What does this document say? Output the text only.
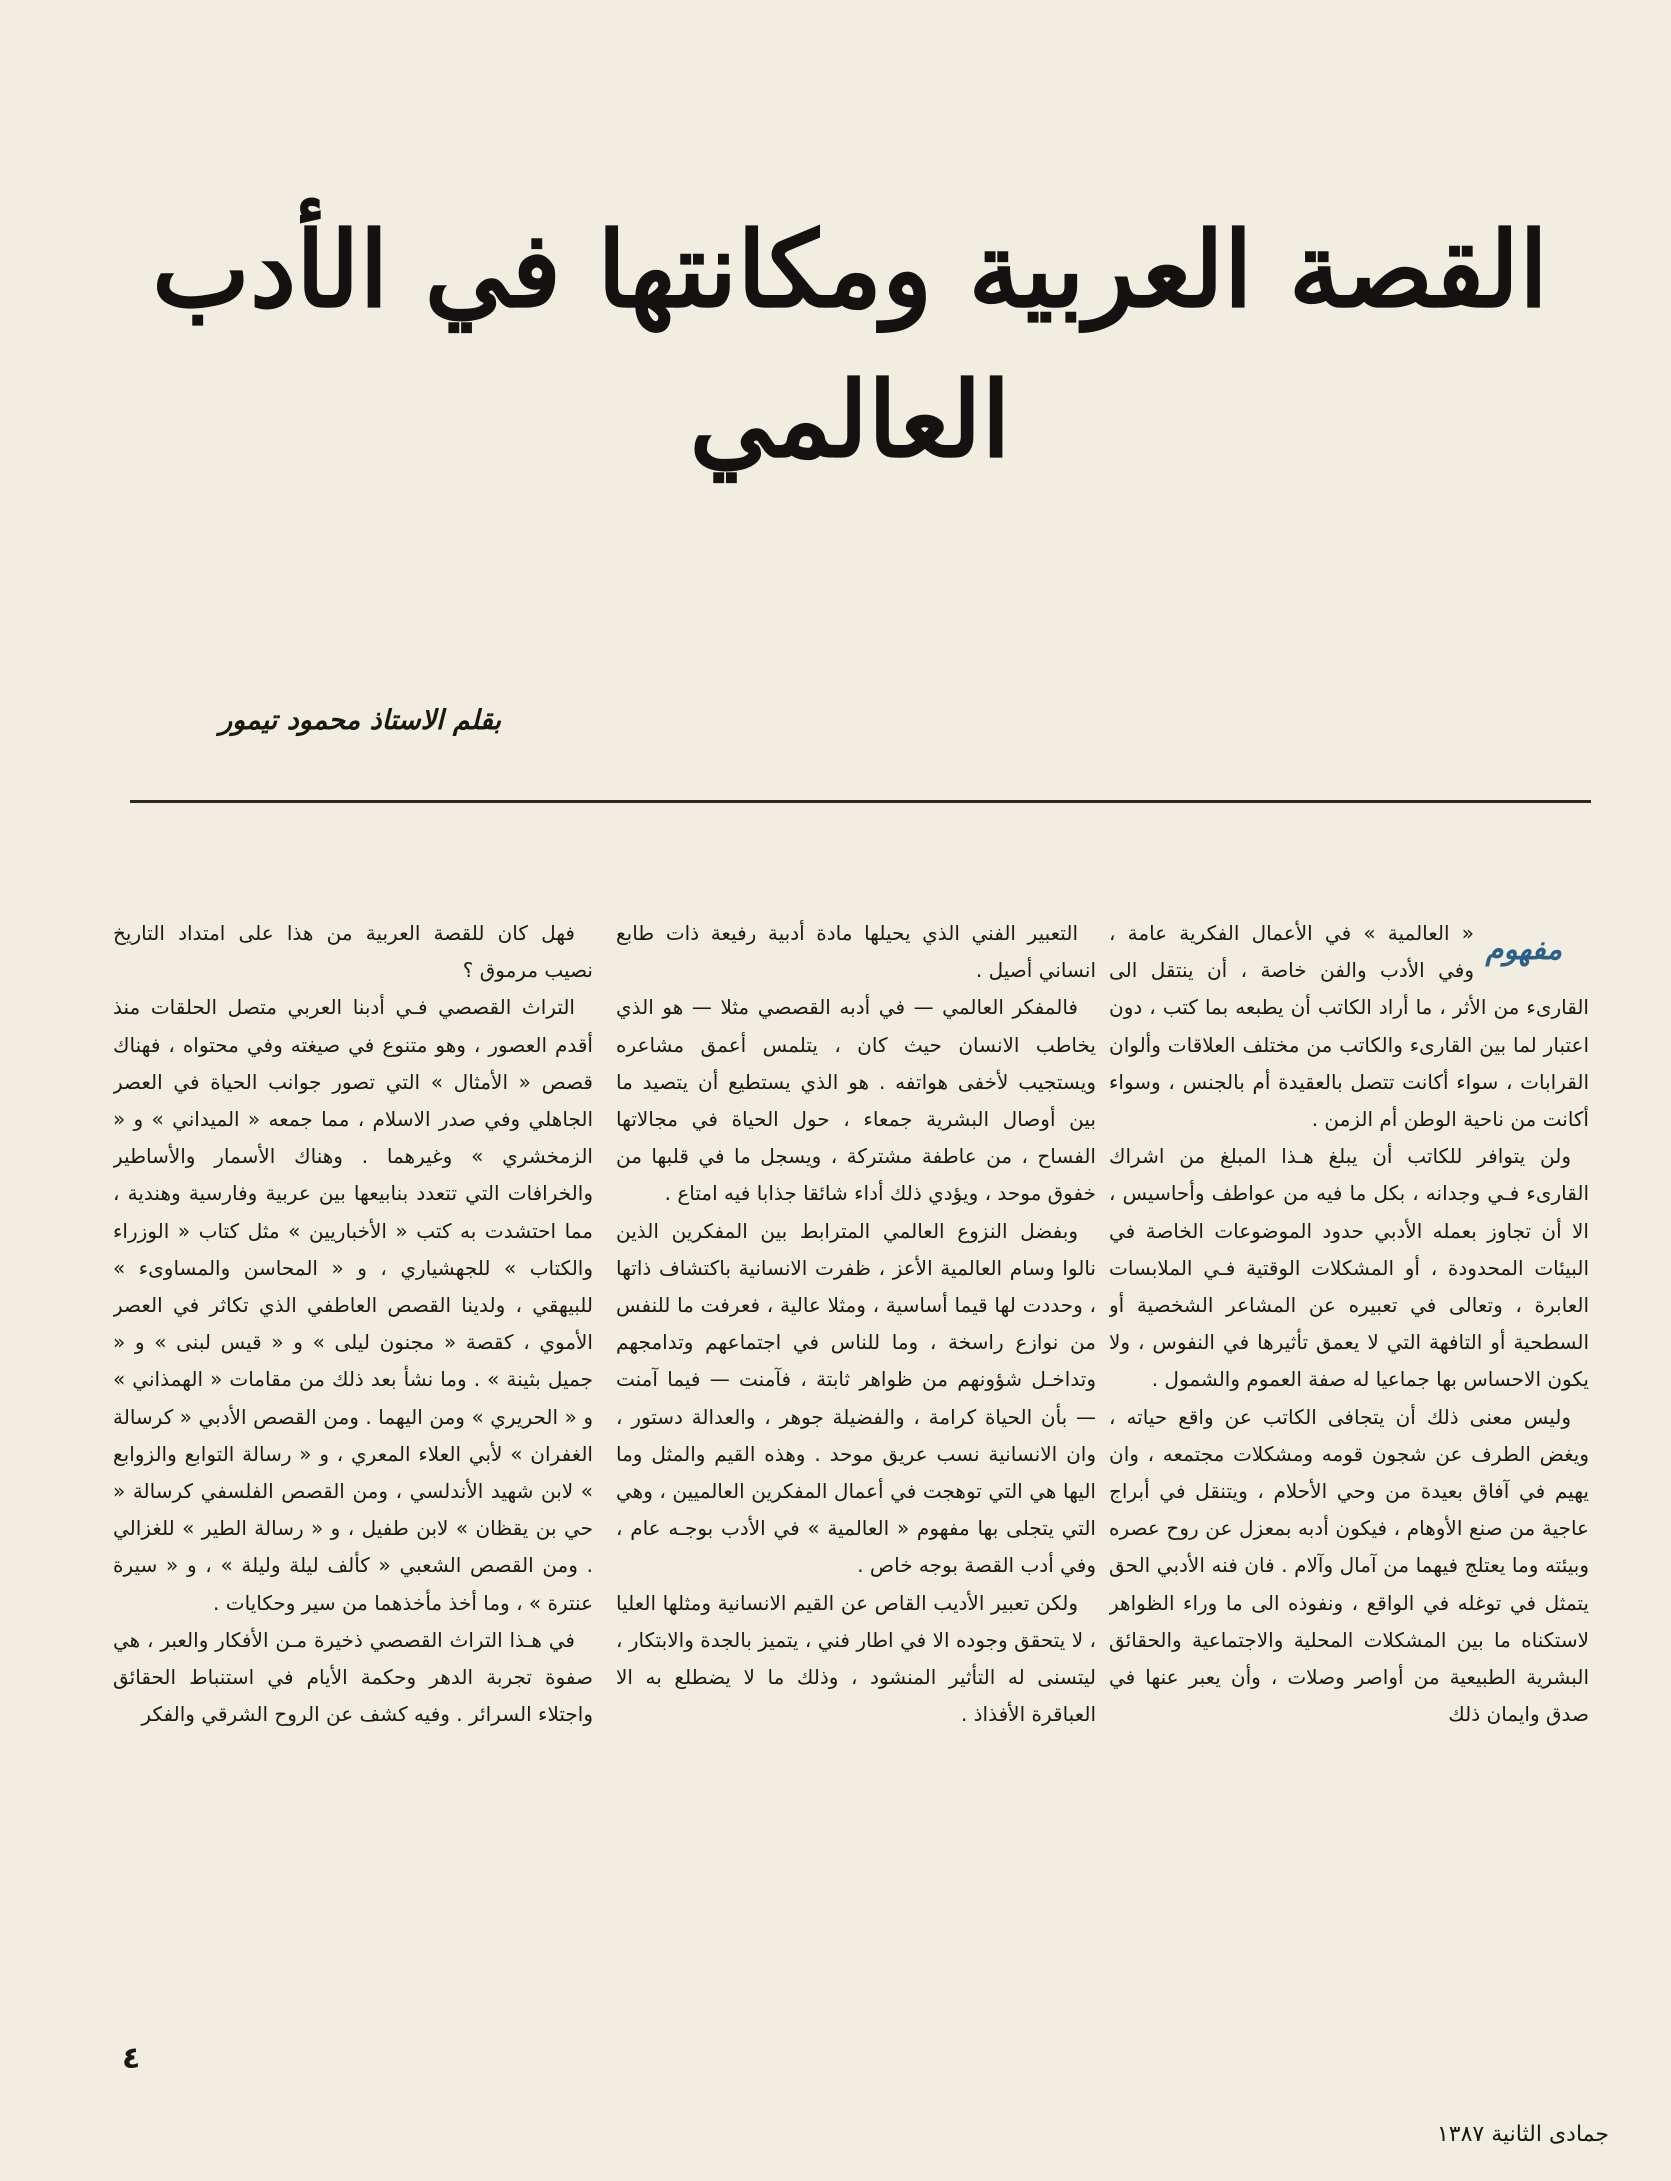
القصة العربية ومكانتها في الأدب العالمي
بقلم الاستاذ محمود تيمور
مفهوم

« العالمية » في الأعمال الفكرية عامة ، وفي الأدب والفن خاصة ، أن ينتقل الى القارىء من الأثر ، ما أراد الكاتب أن يطبعه بما كتب ، دون اعتبار لما بين القارىء والكاتب من مختلف العلاقات وألوان القرابات ، سواء أكانت تتصل بالعقيدة أم بالجنس ، وسواء أكانت من ناحية الوطن أم الزمن .

ولن يتوافر للكاتب أن يبلغ هـذا المبلغ من اشراك القارىء فـي وجدانه ، بكل ما فيه من عواطف وأحاسيس ، الا أن تجاوز بعمله الأدبي حدود الموضوعات الخاصة في البيئات المحدودة ، أو المشكلات الوقتية فـي الملابسات العابرة ، وتعالى في تعبيره عن المشاعر الشخصية أو السطحية أو التافهة التي لا يعمق تأثيرها في النفوس ، ولا يكون الاحساس بها جماعيا له صفة العموم والشمول .

وليس معنى ذلك أن يتجافى الكاتب عن واقع حياته ، ويغض الطرف عن شجون قومه ومشكلات مجتمعه ، وان يهيم في آفاق بعيدة من وحي الأحلام ، ويتنقل في أبراج عاجية من صنع الأوهام ، فيكون أدبه بمعزل عن روح عصره وبيئته وما يعتلج فيهما من آمال وآلام . فان فنه الأدبي الحق يتمثل في توغله في الواقع ، ونفوذه الى ما وراء الظواهر لاستكناه ما بين المشكلات المحلية والاجتماعية والحقائق البشرية الطبيعية من أواصر وصلات ، وأن يعبر عنها في صدق وايمان ذلك

التعبير الفني الذي يحيلها مادة أدبية رفيعة ذات طابع انساني أصيل .

فالمفكر العالمي — في أدبه القصصي مثلا — هو الذي يخاطب الانسان حيث كان ، يتلمس أعمق مشاعره ويستجيب لأخفى هواتفه . هو الذي يستطيع أن يتصيد ما بين أوصال البشرية جمعاء ، حول الحياة في مجالاتها الفساح ، من عاطفة مشتركة ، ويسجل ما في قلبها من خفوق موحد ، ويؤدي ذلك أداء شائقا جذابا فيه امتاع .

وبفضل النزوع العالمي المترابط بين المفكرين الذين نالوا وسام العالمية الأعز ، ظفرت الانسانية باكتشاف ذاتها ، وحددت لها قيما أساسية ، ومثلا عالية ، فعرفت ما للنفس من نوازع راسخة ، وما للناس في اجتماعهم وتدامجهم وتداخـل شؤونهم من ظواهر ثابتة ، فآمنت — فيما آمنت — بأن الحياة كرامة ، والفضيلة جوهر ، والعدالة دستور ، وان الانسانية نسب عريق موحد . وهذه القيم والمثل وما اليها هي التي توهجت في أعمال المفكرين العالميين ، وهي التي يتجلى بها مفهوم « العالمية » في الأدب بوجـه عام ، وفي أدب القصة بوجه خاص .

ولكن تعبير الأديب القاص عن القيم الانسانية ومثلها العليا ، لا يتحقق وجوده الا في اطار فني ، يتميز بالجدة والابتكار ، ليتسنى له التأثير المنشود ، وذلك ما لا يضطلع به الا العباقرة الأفذاذ .

فهل كان للقصة العربية من هذا على امتداد التاريخ نصيب مرموق ؟

التراث القصصي فـي أدبنا العربي متصل الحلقات منذ أقدم العصور ، وهو متنوع في صيغته وفي محتواه ، فهناك قصص « الأمثال » التي تصور جوانب الحياة في العصر الجاهلي وفي صدر الاسلام ، مما جمعه « الميداني » و « الزمخشري » وغيرهما . وهناك الأسمار والأساطير والخرافات التي تتعدد بنابيعها بين عربية وفارسية وهندية ، مما احتشدت به كتب « الأخباريين » مثل كتاب « الوزراء والكتاب » للجهشياري ، و « المحاسن والمساوىء » للبيهقي ، ولدينا القصص العاطفي الذي تكاثر في العصر الأموي ، كقصة « مجنون ليلى » و « قيس لبنى » و « جميل بثينة » . وما نشأ بعد ذلك من مقامات « الهمذاني » و « الحريري » ومن اليهما . ومن القصص الأدبي « كرسالة الغفران » لأبي العلاء المعري ، و « رسالة التوابع والزوابع » لابن شهيد الأندلسي ، ومن القصص الفلسفي كرسالة « حي بن يقظان » لابن طفيل ، و « رسالة الطير » للغزالي . ومن القصص الشعبي « كألف ليلة وليلة » ، و « سيرة عنترة » ، وما أخذ مأخذهما من سير وحكايات .

في هـذا التراث القصصي ذخيرة مـن الأفكار والعبر ، هي صفوة تجربة الدهر وحكمة الأيام في استنباط الحقائق واجتلاء السرائر . وفيه كشف عن الروح الشرقي والفكر

٤
جمادى الثانية ١٣٨٧
